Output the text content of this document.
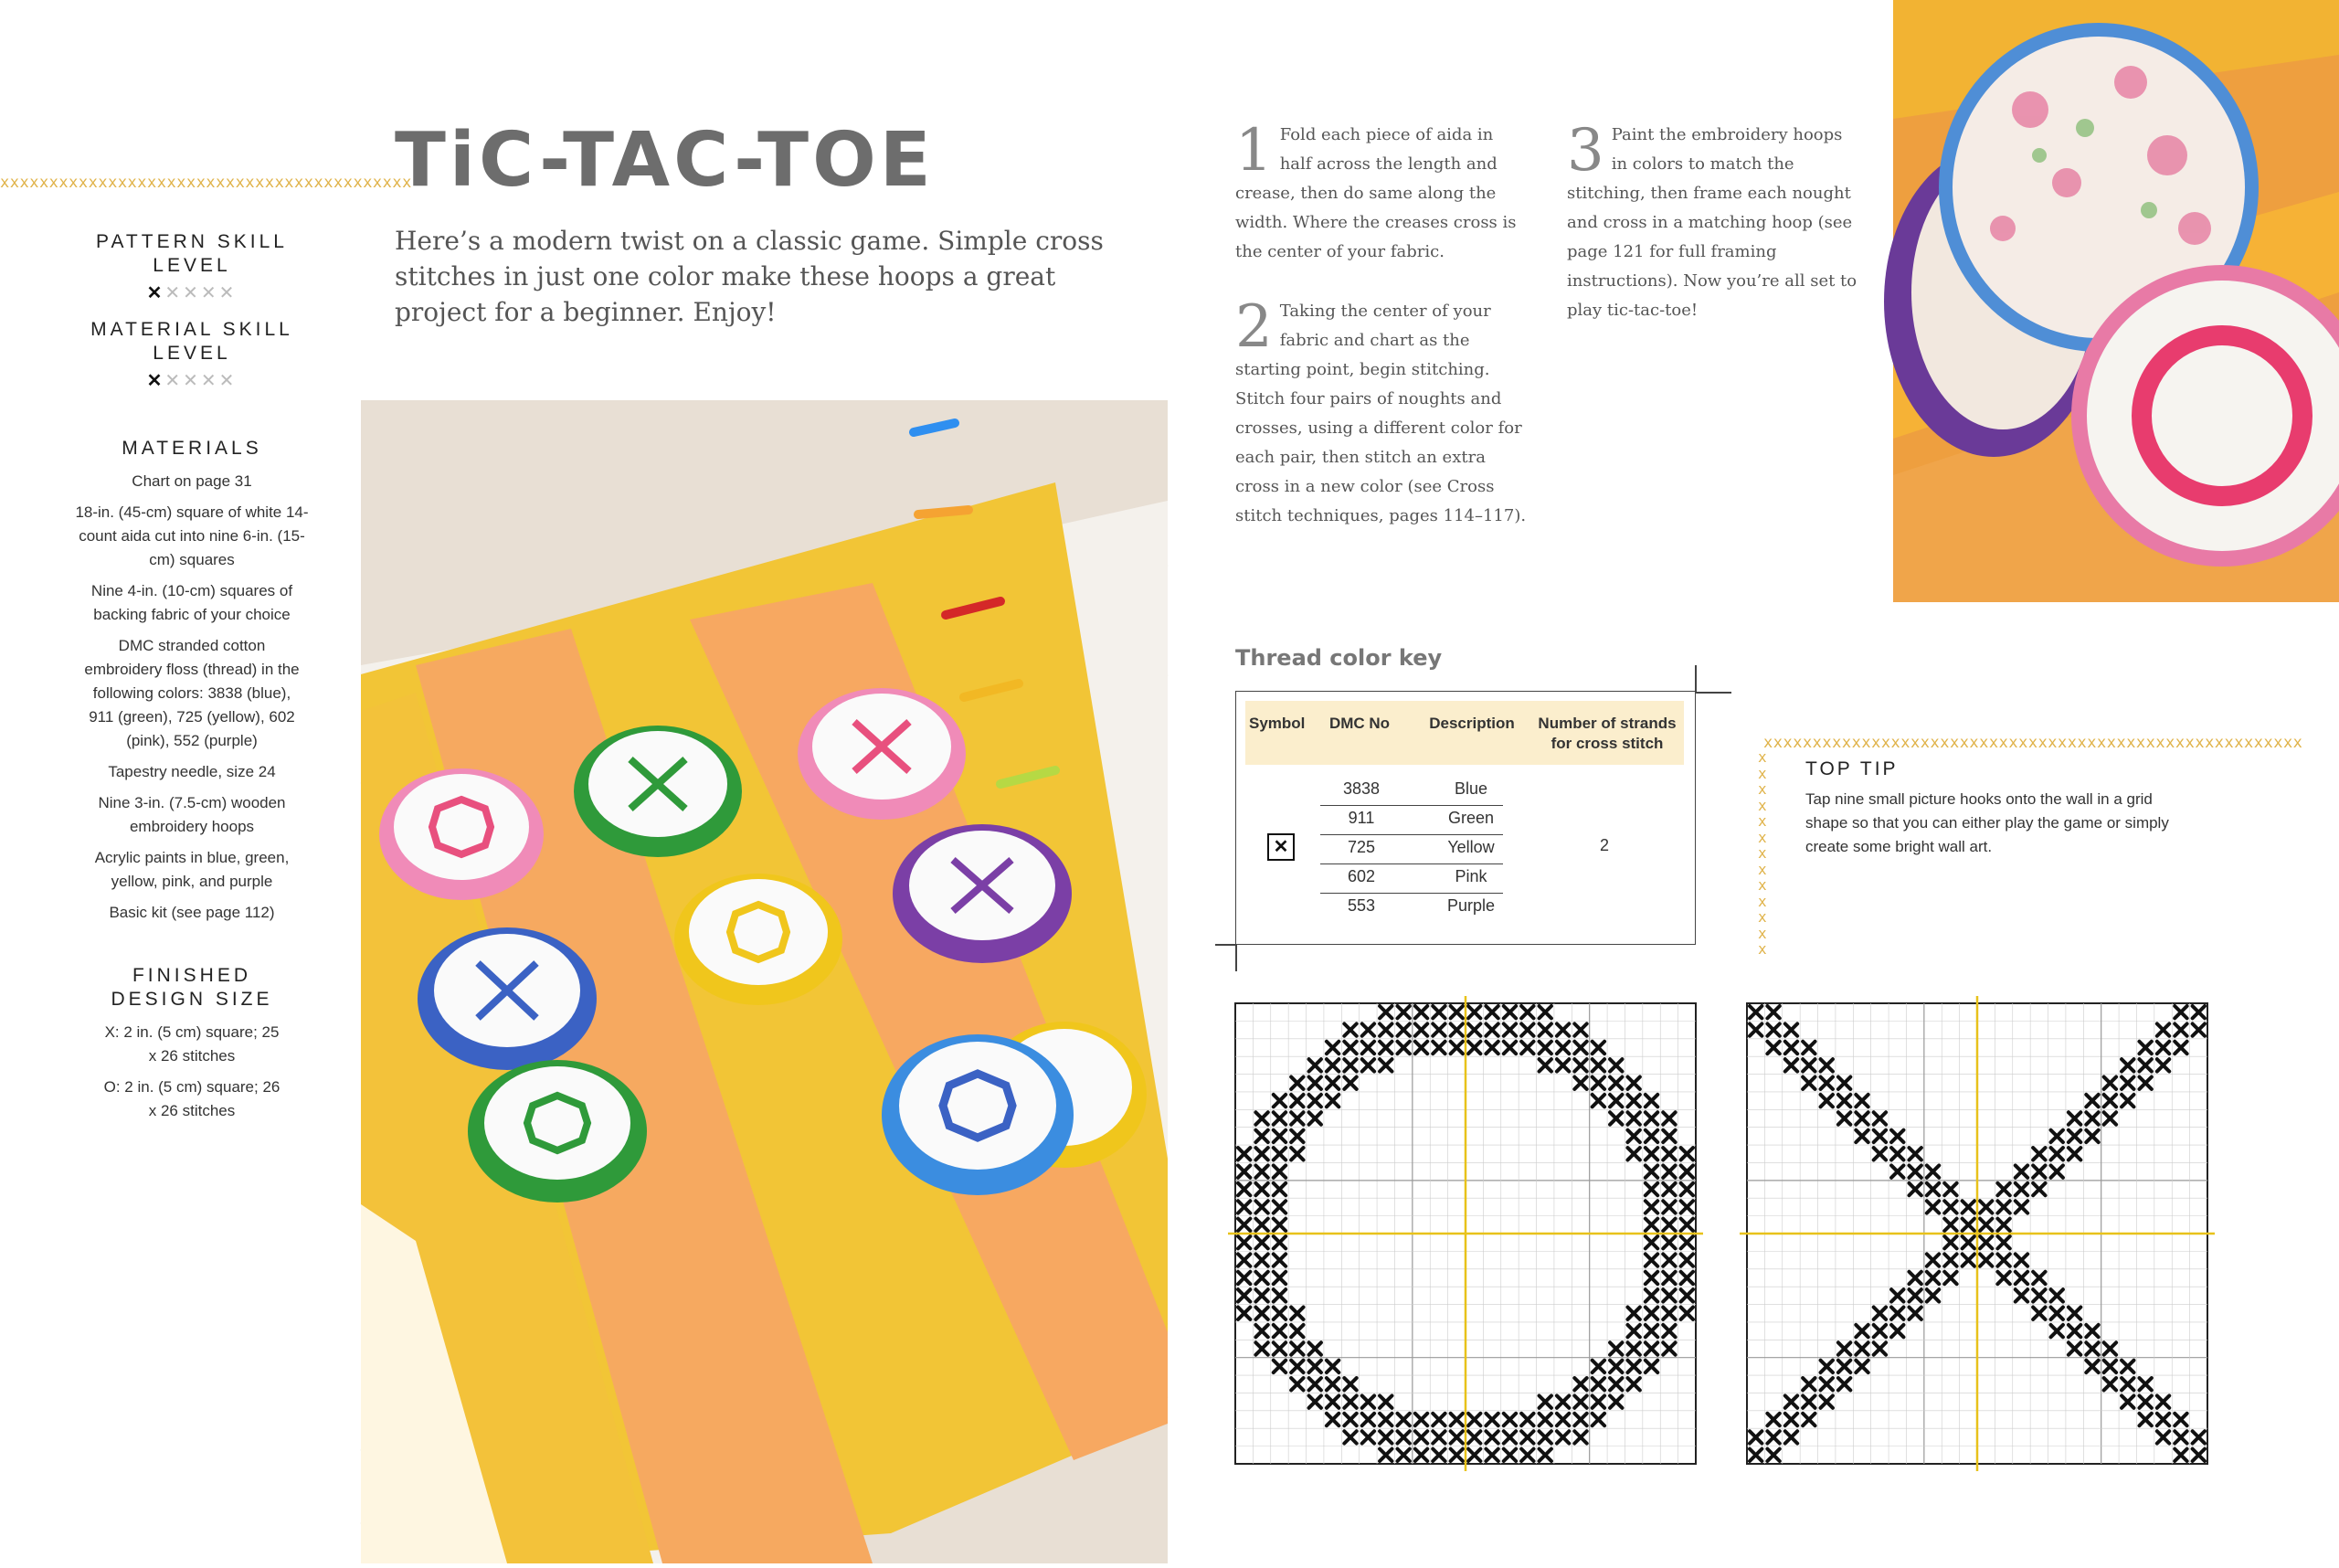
xxxxxxxxxxxxxxxxxxxxxxxxxxxxxxxxxxxxxxxxxx
PATTERN SKILL LEVEL
✕✕✕✕✕
MATERIAL SKILL LEVEL
✕✕✕✕✕
MATERIALS

Chart on page 31

18-in. (45-cm) square of white 14-count aida cut into nine 6-in. (15-cm) squares

Nine 4-in. (10-cm) squares of backing fabric of your choice

DMC stranded cotton embroidery floss (thread) in the following colors: 3838 (blue), 911 (green), 725 (yellow), 602 (pink), 552 (purple)

Tapestry needle, size 24

Nine 3-in. (7.5-cm) wooden embroidery hoops

Acrylic paints in blue, green, yellow, pink, and purple

Basic kit (see page 112)

FINISHED DESIGN SIZE

X: 2 in. (5 cm) square; 25 x 26 stitches

O: 2 in. (5 cm) square; 26 x 26 stitches

TiC-TAC-TOE
Here’s a modern twist on a classic game. Simple cross stitches in just one color make these hoops a great project for a beginner. Enjoy!
1 Fold each piece of aida in half across the length and crease, then do same along the width. Where the creases cross is the center of your fabric.
2 Taking the center of your fabric and chart as the starting point, begin stitching. Stitch four pairs of noughts and crosses, using a different color for each pair, then stitch an extra cross in a new color (see Cross stitch techniques, pages 114–117).
3 Paint the embroidery hoops in colors to match the stitching, then frame each nought and cross in a matching hoop (see page 121 for full framing instructions). Now you’re all set to play tic-tac-toe!
Thread color key
Symbol	DMC No	Description	Number of strands for cross stitch
✕
3838	Blue
911	Green
725	Yellow
602	Pink
553	Purple
2
xxxxxxxxxxxxxxxxxxxxxxxxxxxxxxxxxxxxxxxxxxxxxxxxxxxxxxx
xxxxxxxxxxxxx
TOP TIP
Tap nine small picture hooks onto the wall in a grid shape so that you can either play the game or simply create some bright wall art.
